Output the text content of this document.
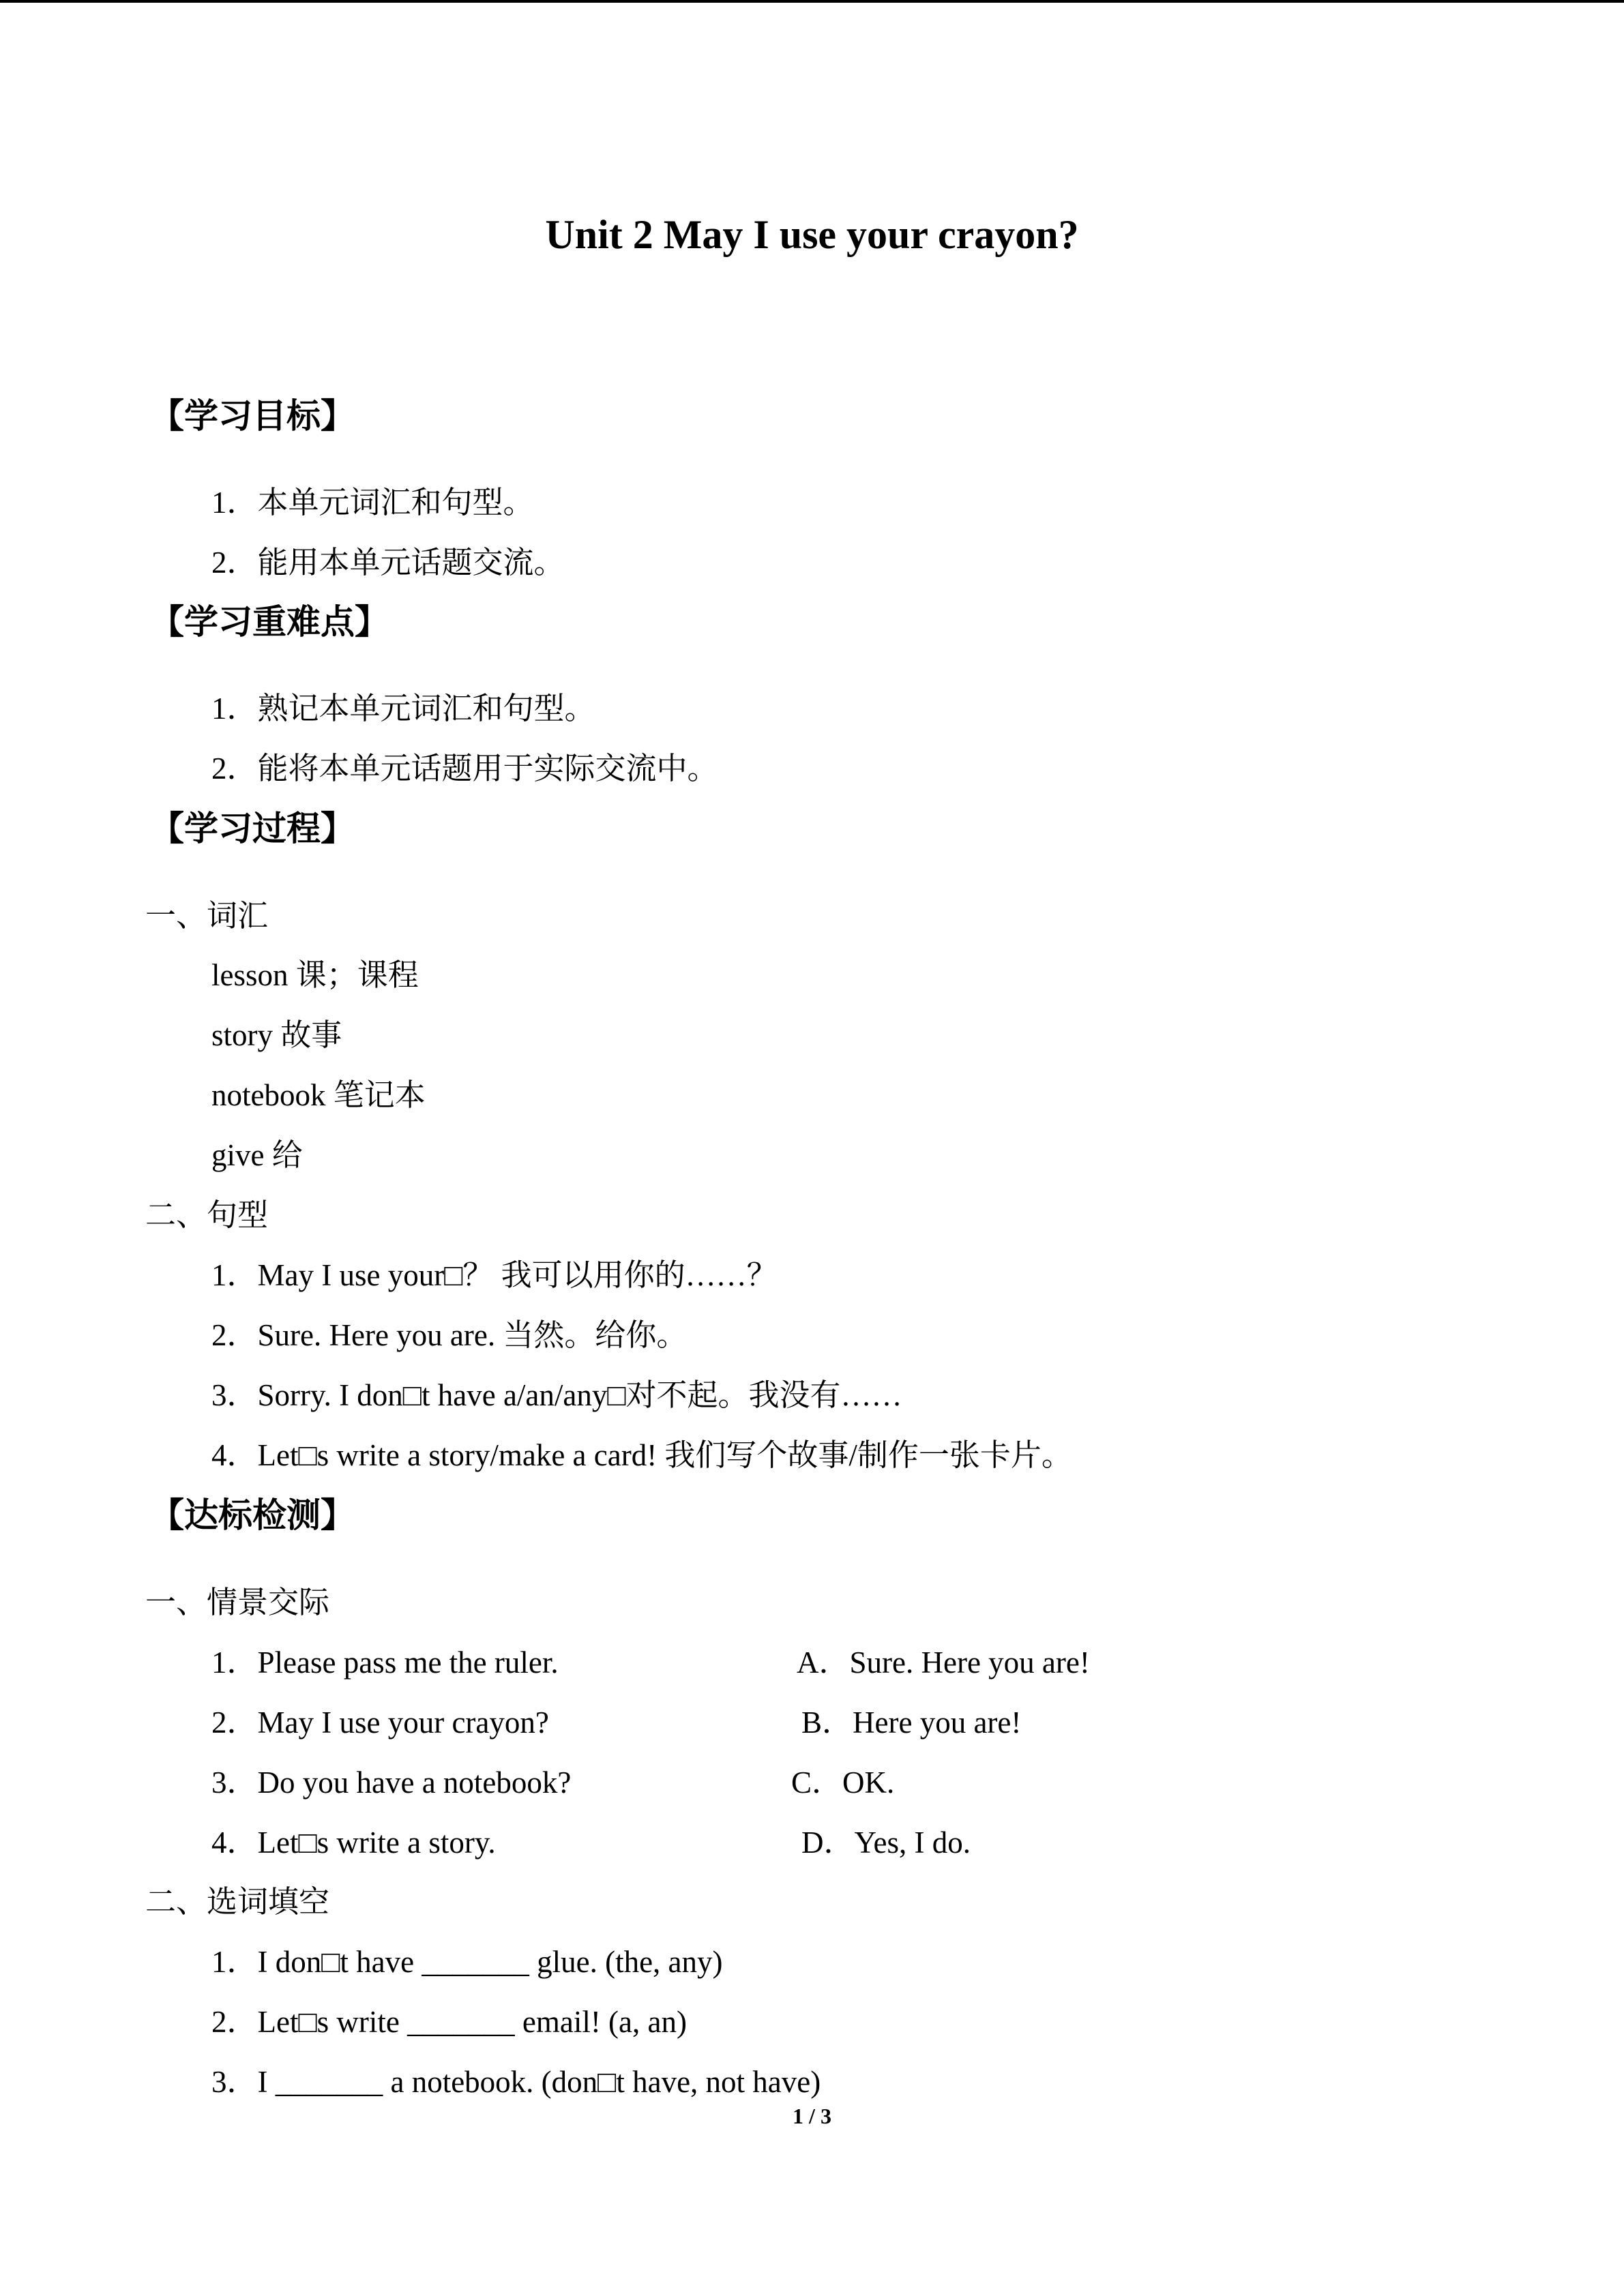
Unit 2 May I use your crayon?
【学习目标】
1．本单元词汇和句型。
2．能用本单元话题交流。
【学习重难点】
1．熟记本单元词汇和句型。
2．能将本单元话题用于实际交流中。
【学习过程】
一、词汇
lesson 课；课程
story 故事
notebook 笔记本
give 给
二、句型
1．May I use your□？ 我可以用你的……？
2．Sure. Here you are. 当然。给你。
3．Sorry. I don□t have a/an/any□对不起。我没有……
4．Let□s write a story/make a card! 我们写个故事/制作一张卡片。
【达标检测】
一、情景交际
1．Please pass me the ruler.	A．Sure. Here you are!
2．May I use your crayon?	B．Here you are!
3．Do you have a notebook?	C．OK.
4．Let□s write a story.	D．Yes, I do.
二、选词填空
1．I don□t have _______ glue. (the, any)
2．Let□s write _______ email! (a, an)
3．I _______ a notebook. (don□t have, not have)
1 / 3
